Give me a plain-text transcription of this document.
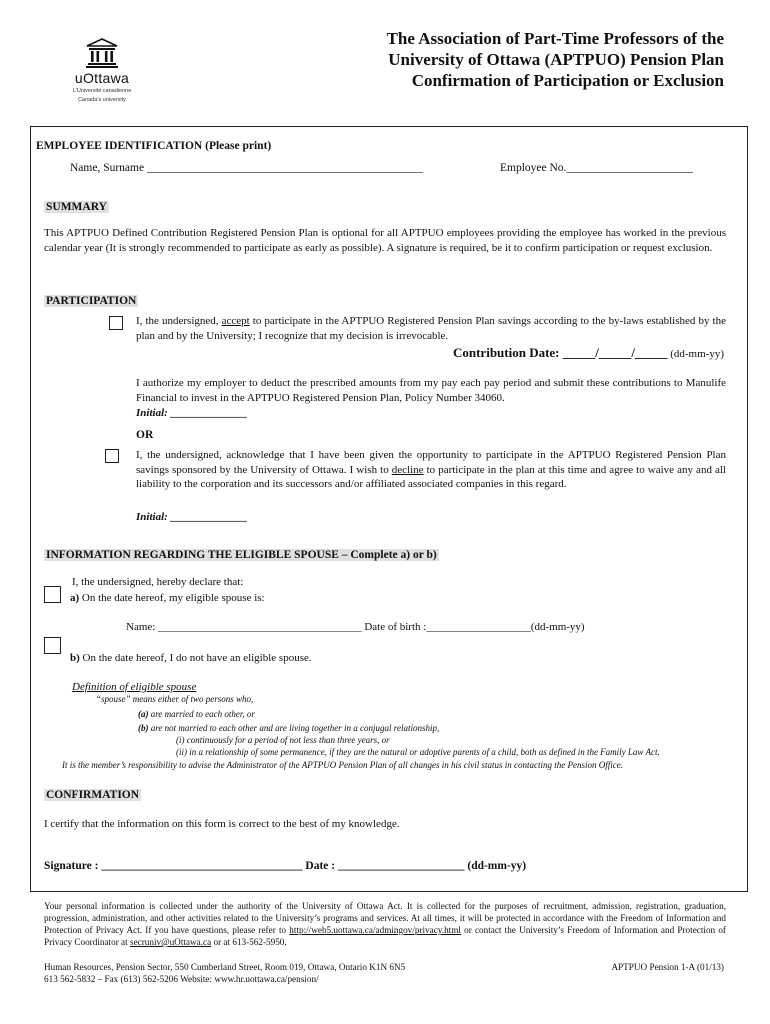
uOttawa
L'Université canadienne
Canada's university
The Association of Part-Time Professors of the
University of Ottawa (APTPUO) Pension Plan
Confirmation of Participation or Exclusion
EMPLOYEE IDENTIFICATION (Please print)
Name, Surname ________________________________________________	Employee No.______________________
SUMMARY
This APTPUO Defined Contribution Registered Pension Plan is optional for all APTPUO employees providing the employee has worked in the previous calendar year (It is strongly recommended to participate as early as possible). A signature is required, be it to confirm participation or request exclusion.
PARTICIPATION
I, the undersigned, accept to participate in the APTPUO Registered Pension Plan savings according to the by-laws established by the plan and by the University; I recognize that my decision is irrevocable.
Contribution Date: _____/_____/_____ (dd-mm-yy)
I authorize my employer to deduct the prescribed amounts from my pay each pay period and submit these contributions to Manulife Financial to invest in the APTPUO Registered Pension Plan, Policy Number 34060.
Initial: ______________
OR
I, the undersigned, acknowledge that I have been given the opportunity to participate in the APTPUO Registered Pension Plan savings sponsored by the University of Ottawa. I wish to decline to participate in the plan at this time and agree to waive any and all liability to the corporation and its successors and/or affiliated associated companies in this regard.
Initial: ______________
INFORMATION REGARDING THE ELIGIBLE SPOUSE – Complete a) or b)
I, the undersigned, hereby declare that:
a) On the date hereof, my eligible spouse is:
Name: _____________________________________ Date of birth :___________________(dd-mm-yy)
b) On the date hereof, I do not have an eligible spouse.
Definition of eligible spouse
“spouse” means either of two persons who,
(a) are married to each other, or
(b) are not married to each other and are living together in a conjugal relationship,
(i) continuously for a period of not less than three years, or
(ii) in a relationship of some permanence, if they are the natural or adoptive parents of a child, both as defined in the Family Law Act.
It is the member’s responsibility to advise the Administrator of the APTPUO Pension Plan of all changes in his civil status in contacting the Pension Office.
CONFIRMATION
I certify that the information on this form is correct to the best of my knowledge.
Signature : ___________________________________ Date : ______________________ (dd-mm-yy)
Your personal information is collected under the authority of the University of Ottawa Act. It is collected for the purposes of recruitment, admission, registration, graduation, progression, administration, and other activities related to the University’s programs and services. At all times, it will be protected in accordance with the Freedom of Information and Protection of Privacy Act. If you have questions, please refer to http://web5.uottawa.ca/admingov/privacy.html or contact the University’s Freedom of Information and Protection of Privacy Coordinator at secruniv@uOttawa.ca or at 613-562-5950.
Human Resources, Pension Sector, 550 Cumberland Street, Room 019, Ottawa, Ontario K1N 6N5
613 562-5832 – Fax (613) 562-5206 Website: www.hr.uottawa.ca/pension/
APTPUO Pension 1-A (01/13)
